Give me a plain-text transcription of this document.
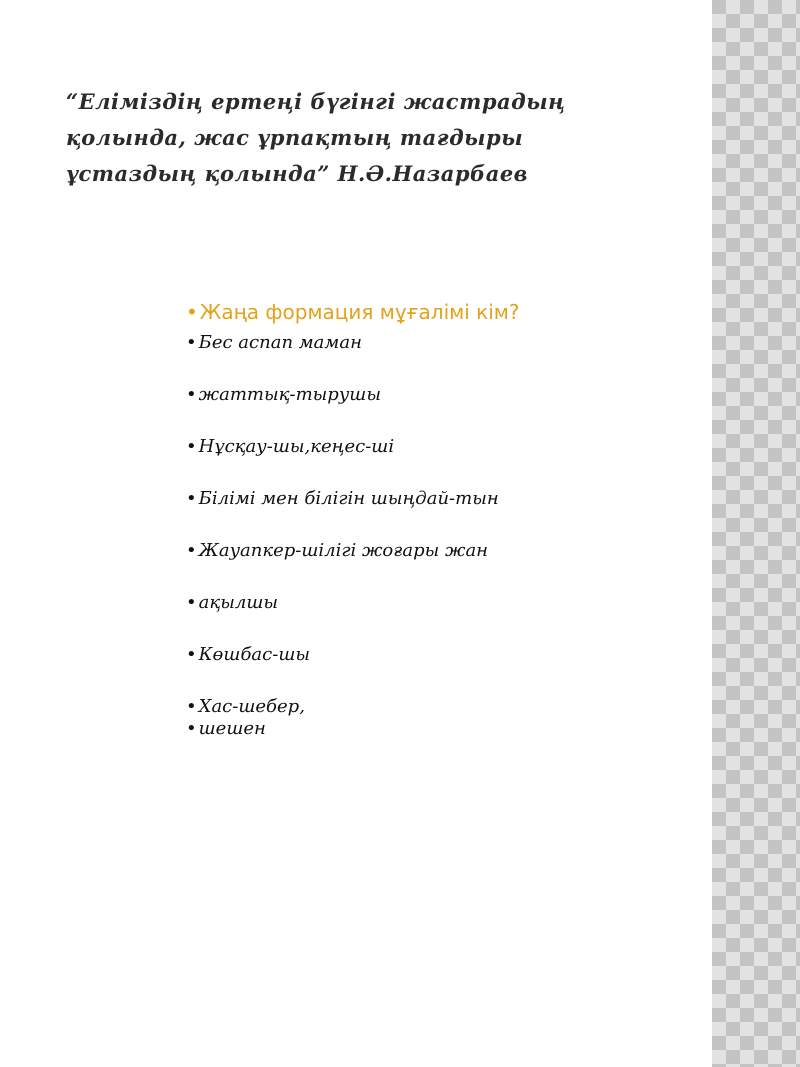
“Еліміздің ертеңі бүгінгі жастрадың
қолында, жас ұрпақтың тағдыры
ұстаздың қолында” Н.Ә.Назарбаев

• Жаңа формация мұғалімі кім?

• Бес аспап маман
• жаттық-тырушы
• Нұсқау-шы,кеңес-ші
• Білімі мен білігін шыңдай-тын
• Жауапкер-шілігі жоғары жан
• ақылшы
• Көшбас-шы
• Хас-шебер,
• шешен
